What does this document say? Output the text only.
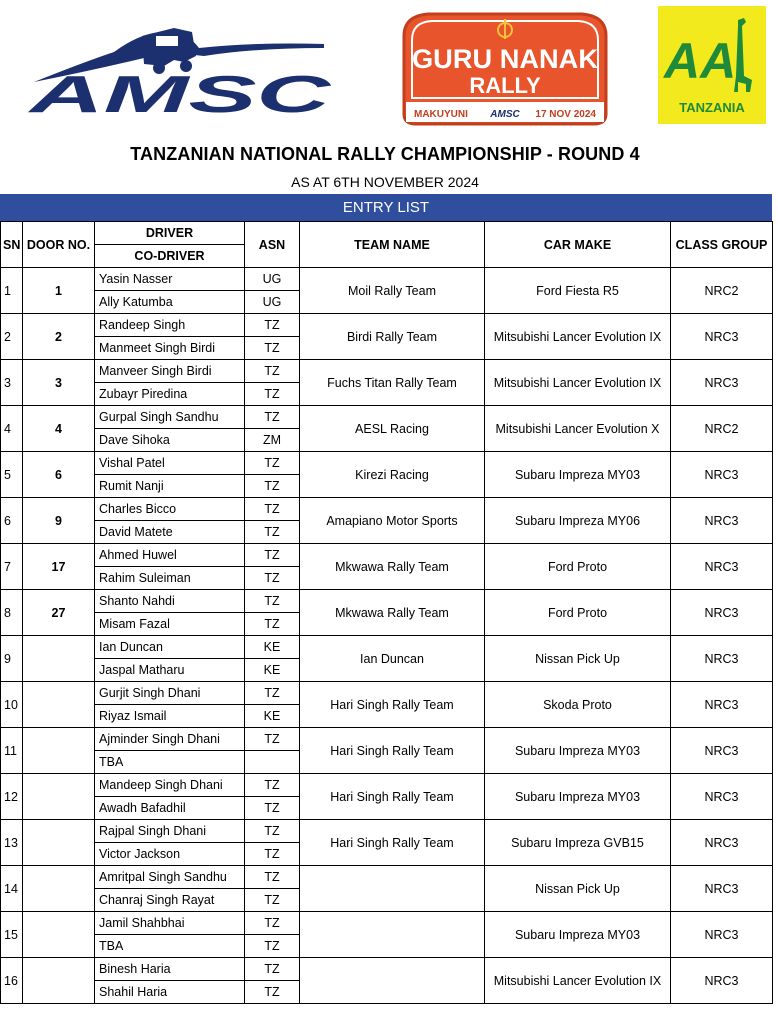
AMSC
GURU NANAK
RALLY
MAKUYUNI AMSC 17 NOV 2024
AA
TANZANIA
TANZANIAN NATIONAL RALLY CHAMPIONSHIP - ROUND 4
AS AT 6TH NOVEMBER 2024
ENTRY LIST
SN	DOOR NO.	DRIVER	ASN	TEAM NAME	CAR MAKE	CLASS GROUP
		CO-DRIVER				
1	1	Yasin Nasser	UG	Moil Rally Team	Ford Fiesta R5	NRC2
		Ally Katumba	UG			
2	2	Randeep Singh	TZ	Birdi Rally Team	Mitsubishi Lancer Evolution IX	NRC3
		Manmeet Singh Birdi	TZ			
3	3	Manveer Singh Birdi	TZ	Fuchs Titan Rally Team	Mitsubishi Lancer Evolution IX	NRC3
		Zubayr Piredina	TZ			
4	4	Gurpal Singh Sandhu	TZ	AESL Racing	Mitsubishi Lancer Evolution X	NRC2
		Dave Sihoka	ZM			
5	6	Vishal Patel	TZ	Kirezi Racing	Subaru Impreza MY03	NRC3
		Rumit Nanji	TZ			
6	9	Charles Bicco	TZ	Amapiano Motor Sports	Subaru Impreza MY06	NRC3
		David Matete	TZ			
7	17	Ahmed Huwel	TZ	Mkwawa Rally Team	Ford Proto	NRC3
		Rahim Suleiman	TZ			
8	27	Shanto Nahdi	TZ	Mkwawa Rally Team	Ford Proto	NRC3
		Misam Fazal	TZ			
9		Ian Duncan	KE	Ian Duncan	Nissan Pick Up	NRC3
		Jaspal Matharu	KE			
10		Gurjit Singh Dhani	TZ	Hari Singh Rally Team	Skoda Proto	NRC3
		Riyaz Ismail	KE			
11		Ajminder Singh Dhani	TZ	Hari Singh Rally Team	Subaru Impreza MY03	NRC3
		TBA				
12		Mandeep Singh Dhani	TZ	Hari Singh Rally Team	Subaru Impreza MY03	NRC3
		Awadh Bafadhil	TZ			
13		Rajpal Singh Dhani	TZ	Hari Singh Rally Team	Subaru Impreza GVB15	NRC3
		Victor Jackson	TZ			
14		Amritpal Singh Sandhu	TZ		Nissan Pick Up	NRC3
		Chanraj Singh Rayat	TZ			
15		Jamil Shahbhai	TZ		Subaru Impreza MY03	NRC3
		TBA	TZ			
16		Binesh Haria	TZ		Mitsubishi Lancer Evolution IX	NRC3
		Shahil Haria	TZ			
